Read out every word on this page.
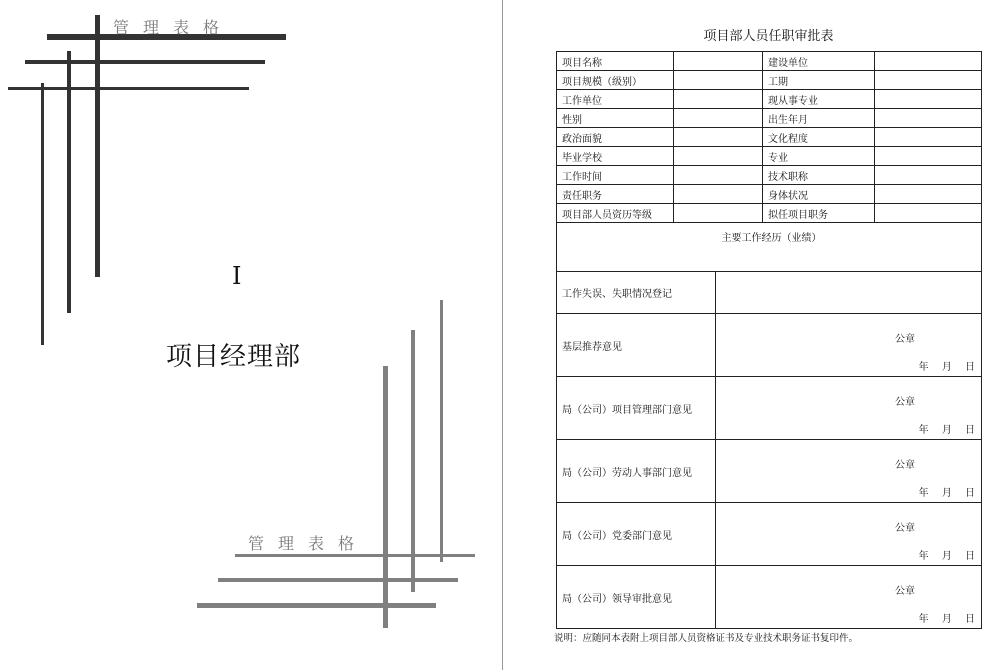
管理表格
I
项目经理部
管理表格
项目部人员任职审批表
项目名称			建设单位	
项目规模（级别）			工期	
工作单位			现从事专业	
性别			出生年月	
政治面貌			文化程度	
毕业学校			专业	
工作时间			技术职称	
责任职务			身体状况	
项目部人员资历等级			拟任项目职务	
主要工作经历（业绩）				
工作失误、失职情况登记				
基层推荐意见		公章
年 月 日		

局（公司）项目管理部门意见		公章
年 月 日		

局（公司）劳动人事部门意见		公章
年 月 日		

局（公司）党委部门意见		公章
年 月 日		

局（公司）领导审批意见		公章
年 月 日		
说明：应随同本表附上项目部人员资格证书及专业技术职务证书复印件。
